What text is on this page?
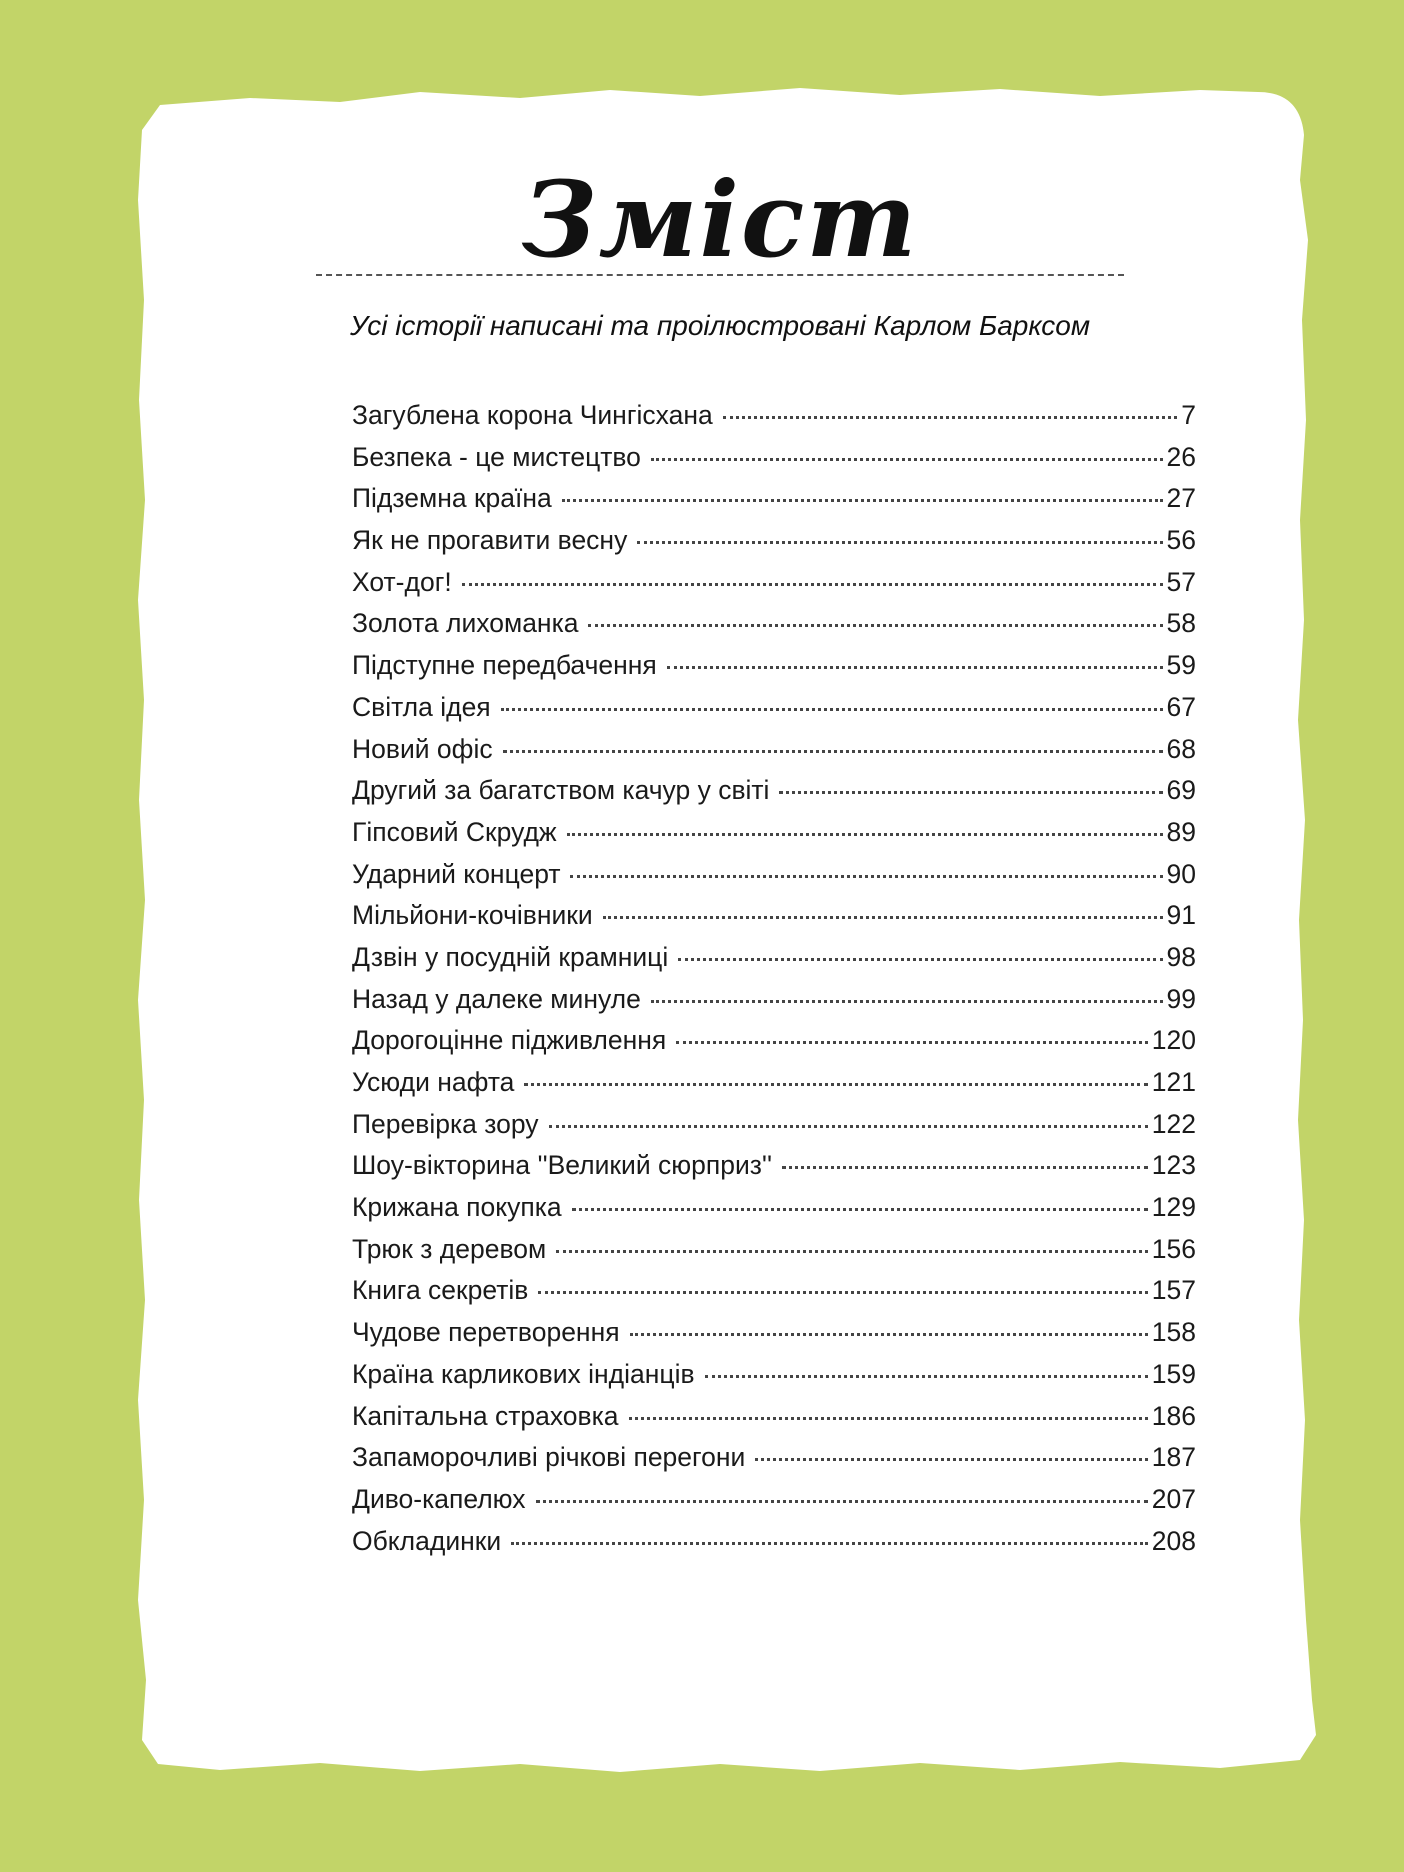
Зміст
Усі історії написані та проілюстровані Карлом Барксом
Загублена корона Чингісхана	7
Безпека - це мистецтво	26
Підземна країна	27
Як не прогавити весну	56
Хот-дог!	57
Золота лихоманка	58
Підступне передбачення	59
Світла ідея	67
Новий офіс	68
Другий за багатством качур у світі	69
Гіпсовий Скрудж	89
Ударний концерт	90
Мільйони-кочівники	91
Дзвін у посудній крамниці	98
Назад у далеке минуле	99
Дорогоцінне підживлення	120
Усюди нафта	121
Перевірка зору	122
Шоу-вікторина ''Великий сюрприз''	123
Крижана покупка	129
Трюк з деревом	156
Книга секретів	157
Чудове перетворення	158
Країна карликових індіанців	159
Капітальна страховка	186
Запаморочливі річкові перегони	187
Диво-капелюх	207
Обкладинки	208
